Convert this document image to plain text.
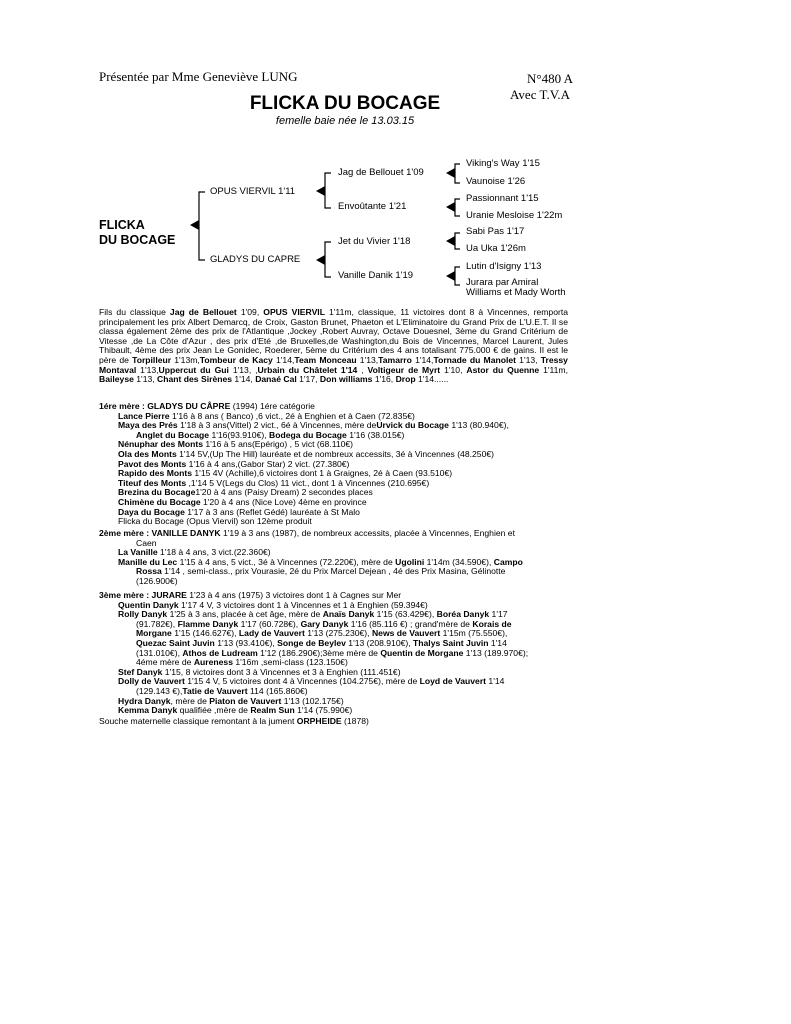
Présentée par Mme Geneviève LUNG	N°480 A
Avec T.V.A
FLICKA DU BOCAGE
femelle baie née le 13.03.15
FLICKA
DU BOCAGE
OPUS VIERVIL 1'11
GLADYS DU CAPRE
Jag de Bellouet 1'09
Envoûtante 1'21
Jet du Vivier 1'18
Vanille Danik 1'19
Viking's Way 1'15
Vaunoise 1'26
Passionnant 1'15
Uranie Mesloise 1'22m
Sabi Pas 1'17
Ua Uka 1'26m
Lutin d'Isigny 1'13
Jurara par Amiral
Williams et Mady Worth
Fils du classique Jag de Bellouet 1'09, OPUS VIERVIL 1'11m, classique, 11 victoires dont 8 à Vincennes, remporta principalement les prix Albert Demarcq, de Croix, Gaston Brunet, Phaeton et L'Eliminatoire du Grand Prix de L'U.E.T. Il se classa également 2ème des prix de l'Atlantique ,Jockey ,Robert Auvray, Octave Douesnel, 3ème du Grand Critérium de Vitesse ,de La Côte d'Azur , des prix d'Eté ,de Bruxelles,de Washington,du Bois de Vincennes, Marcel Laurent, Jules Thibault, 4ème des prix Jean Le Gonidec, Roederer, 5ème du Critérium des 4 ans totalisant 775.000 € de gains. Il est le père de Torpilleur 1'13m,Tombeur de Kacy 1'14,Team Monceau 1'13,Tamarro 1'14,Tornade du Manolet 1'13, Tressy Montaval 1'13,Uppercut du Gui 1'13, ,Urbain du Châtelet 1'14 , Voltigeur de Myrt 1'10, Astor du Quenne 1'11m, Baileyse 1'13, Chant des Sirènes 1'14, Danaé Cal 1'17, Don williams 1'16, Drop 1'14......
1ére mère : GLADYS DU CÂPRE (1994) 1ére catégorie
Lance Pierre 1'16 à 8 ans ( Banco) ,6 vict., 2é à Enghien et à Caen (72.835€)
Maya des Prés 1'18 à 3 ans(Vittel) 2 vict., 6é à Vincennes, mère deUrvick du Bocage 1'13 (80.940€),
Anglet du Bocage 1'16(93.910€), Bodega du Bocage 1'16 (38.015€)
Nénuphar des Monts 1'16 à 5 ans(Epérigo) , 5 vict (68.110€)
Ola des Monts 1'14 5V,(Up The Hill) lauréate et de nombreux accessits, 3é à Vincennes (48.250€)
Pavot des Monts 1'16 à 4 ans,(Gabor Star) 2 vict. (27.380€)
Rapido des Monts 1'15 4V (Achille),6 victoires dont 1 à Graignes, 2é à Caen (93.510€)
Titeuf des Monts ,1'14 5 V(Legs du Clos) 11 vict., dont 1 à Vincennes (210.695€)
Brezina du Bocage1'20 à 4 ans (Paisy Dream) 2 secondes places
Chimène du Bocage 1'20 à 4 ans (Nice Love) 4ème en province
Daya du Bocage 1'17 à 3 ans (Reflet Gédé) lauréate à St Malo
Flicka du Bocage (Opus Viervil) son 12ème produit
2ème mère : VANILLE DANYK 1'19 à 3 ans (1987), de nombreux accessits, placée à Vincennes, Enghien et
Caen
La Vanille 1'18 à 4 ans, 3 vict.(22.360€)
Manille du Lec 1'15 à 4 ans, 5 vict., 3é à Vincennes (72.220€), mère de Ugolini 1'14m (34.590€), Campo
Rossa 1'14 , semi-class., prix Vourasie, 2é du Prix Marcel Dejean , 4é des Prix Masina, Gélinotte
(126.900€)
3ème mère : JURARE 1'23 à 4 ans (1975) 3 victoires dont 1 à Cagnes sur Mer
Quentin Danyk 1'17 4 V, 3 victoires dont 1 à Vincennes et 1 à Enghien (59.394€)
Rolly Danyk 1'25 à 3 ans, placée à cet âge, mère de Anaïs Danyk 1'15 (63.429€), Boréa Danyk 1'17
(91.782€), Flamme Danyk 1'17 (60.728€), Gary Danyk 1'16 (85.116 €) ; grand'mère de Korais de
Morgane 1'15 (146.627€), Lady de Vauvert 1'13 (275.230€), News de Vauvert 1'15m (75.550€),
Quezac Saint Juvin 1'13 (93.410€), Songe de Beylev 1'13 (208.910€), Thalys Saint Juvin 1'14
(131.010€), Athos de Ludream 1'12 (186.290€);3ème mère de Quentin de Morgane 1'13 (189.970€);
4éme mère de Aureness 1'16m ,semi-class (123.150€)
Stef Danyk 1'15, 8 victoires dont 3 à Vincennes et 3 à Enghien (111.451€)
Dolly de Vauvert 1'15 4 V, 5 victoires dont 4 à Vincennes (104.275€), mère de Loyd de Vauvert 1'14
(129.143 €),Tatie de Vauvert 114 (165.860€)
Hydra Danyk, mère de Piaton de Vauvert 1'13 (102.175€)
Kemma Danyk qualifiée ,mère de Realm Sun 1'14 (75.990€)
Souche maternelle classique remontant à la jument ORPHEIDE (1878)
